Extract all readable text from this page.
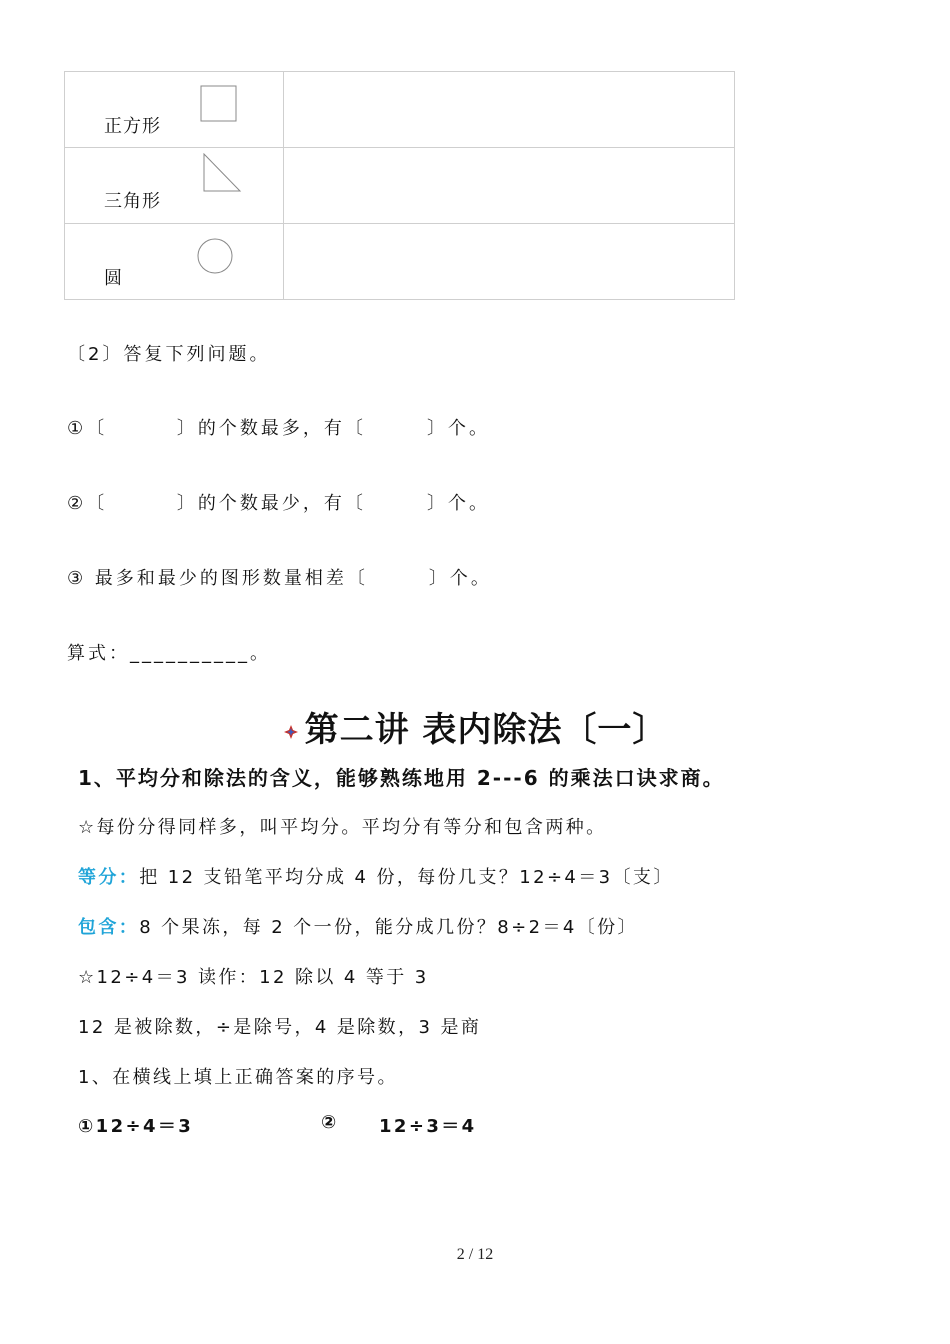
正方形
三角形
圆
〔2〕答复下列问题。
①〔        〕的个数最多，有〔       〕个。
②〔        〕的个数最少，有〔       〕个。
③ 最多和最少的图形数量相差〔       〕个。
算式：__________。
第二讲 表内除法〔一〕
1、平均分和除法的含义，能够熟练地用 2---6 的乘法口诀求商。
☆每份分得同样多，叫平均分。平均分有等分和包含两种。
等分：把 12 支铅笔平均分成 4 份，每份几支？12÷4＝3〔支〕
包含：8 个果冻，每 2 个一份，能分成几份？8÷2＝4〔份〕
☆12÷4＝3 读作：12 除以 4 等于 3
12 是被除数，÷是除号，4 是除数，3 是商
1、在横线上填上正确答案的序号。
①12÷4＝3	② 12÷3＝4
2 / 12
